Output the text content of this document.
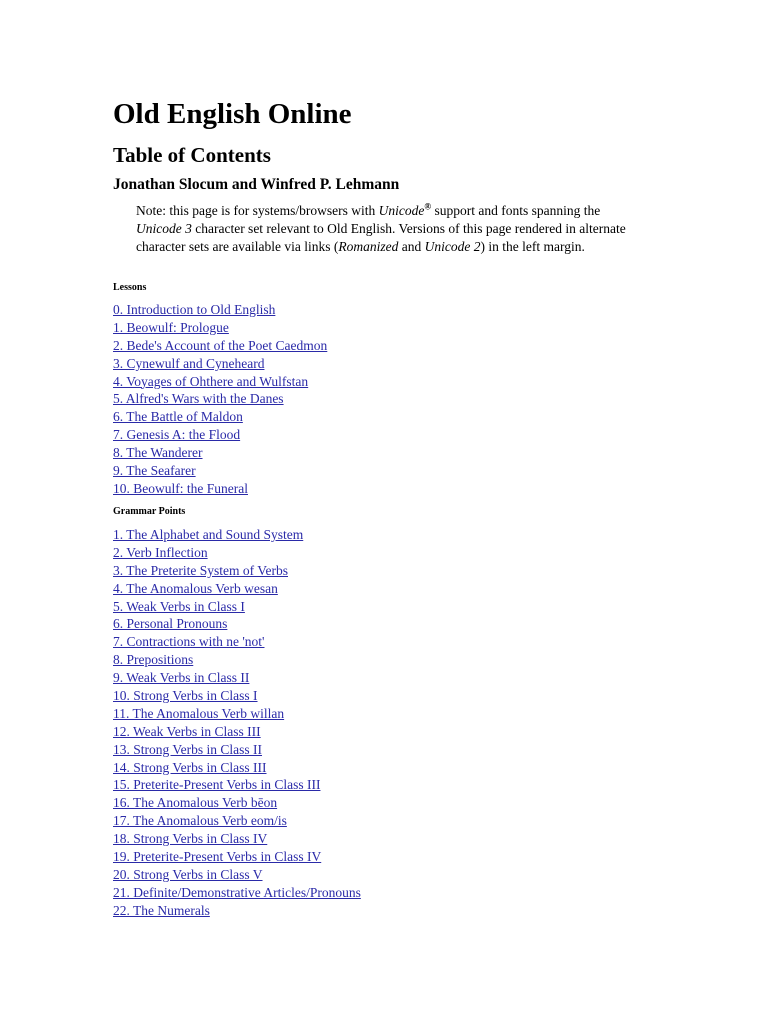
Old English Online
Table of Contents
Jonathan Slocum and Winfred P. Lehmann
Note: this page is for systems/browsers with Unicode® support and fonts spanning the Unicode 3 character set relevant to Old English. Versions of this page rendered in alternate character sets are available via links (Romanized and Unicode 2) in the left margin.
Lessons
0. Introduction to Old English
1. Beowulf: Prologue
2. Bede's Account of the Poet Caedmon
3. Cynewulf and Cyneheard
4. Voyages of Ohthere and Wulfstan
5. Alfred's Wars with the Danes
6. The Battle of Maldon
7. Genesis A: the Flood
8. The Wanderer
9. The Seafarer
10. Beowulf: the Funeral
Grammar Points
1. The Alphabet and Sound System
2. Verb Inflection
3. The Preterite System of Verbs
4. The Anomalous Verb wesan
5. Weak Verbs in Class I
6. Personal Pronouns
7. Contractions with ne 'not'
8. Prepositions
9. Weak Verbs in Class II
10. Strong Verbs in Class I
11. The Anomalous Verb willan
12. Weak Verbs in Class III
13. Strong Verbs in Class II
14. Strong Verbs in Class III
15. Preterite-Present Verbs in Class III
16. The Anomalous Verb bēon
17. The Anomalous Verb eom/is
18. Strong Verbs in Class IV
19. Preterite-Present Verbs in Class IV
20. Strong Verbs in Class V
21. Definite/Demonstrative Articles/Pronouns
22. The Numerals
